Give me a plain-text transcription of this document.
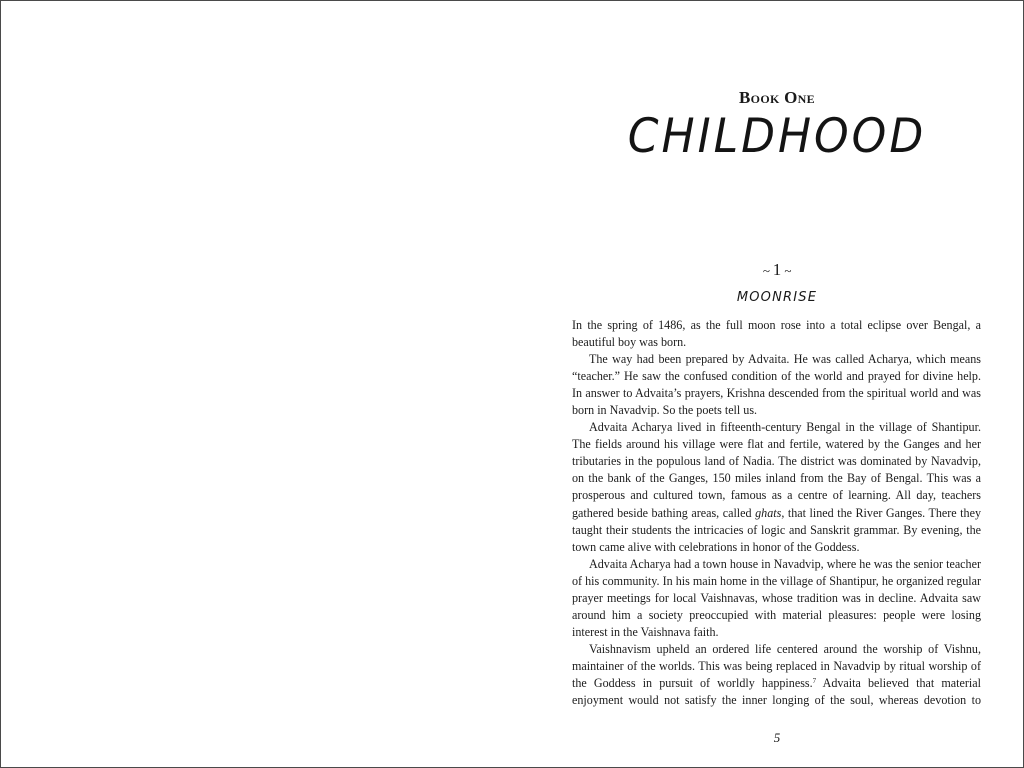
Book One
CHILDHOOD
~ 1 ~
MOONRISE

In the spring of 1486, as the full moon rose into a total eclipse over Bengal, a beautiful boy was born.

The way had been prepared by Advaita. He was called Acharya, which means “teacher.” He saw the confused condition of the world and prayed for divine help. In answer to Advaita’s prayers, Krishna descended from the spiritual world and was born in Navadvip. So the poets tell us.

Advaita Acharya lived in fifteenth-century Bengal in the village of Shantipur. The fields around his village were flat and fertile, watered by the Ganges and her tributaries in the populous land of Nadia. The district was dominated by Navadvip, on the bank of the Ganges, 150 miles inland from the Bay of Bengal. This was a prosperous and cultured town, famous as a centre of learning. All day, teachers gathered beside bathing areas, called ghats, that lined the River Ganges. There they taught their students the intricacies of logic and Sanskrit grammar. By evening, the town came alive with celebrations in honor of the Goddess.

Advaita Acharya had a town house in Navadvip, where he was the senior teacher of his community. In his main home in the village of Shantipur, he organized regular prayer meetings for local Vaishnavas, whose tradition was in decline. Advaita saw around him a society preoccupied with material pleasures: people were losing interest in the Vaishnava faith.

Vaishnavism upheld an ordered life centered around the worship of Vishnu, maintainer of the worlds. This was being replaced in Navadvip by ritual worship of the Goddess in pursuit of worldly happiness.$^7$ Advaita believed that material enjoyment would not satisfy the inner longing of the soul, whereas devotion to

5
